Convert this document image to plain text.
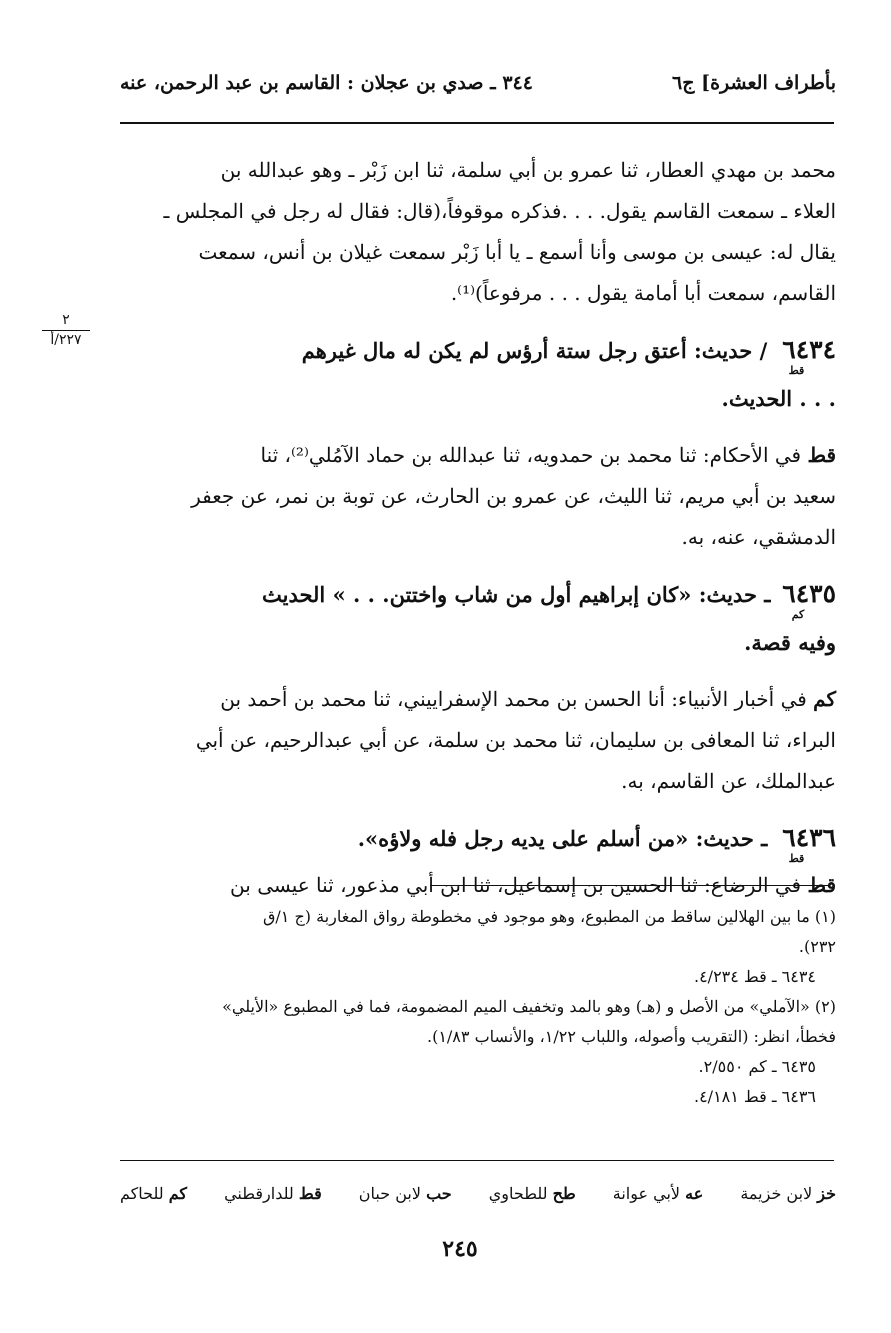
بأطراف العشرة] ج٦
٣٤٤ ـ صدي بن عجلان : القاسم بن عبد الرحمن، عنه
٢
٢٢٧/أ

محمد بن مهدي العطار، ثنا عمرو بن أبي سلمة، ثنا ابن زَبْر ـ وهو عبدالله بن

العلاء ـ سمعت القاسم يقول. . . .فذكره موقوفاً،(قال: فقال له رجل في المجلس ـ

يقال له: عيسى بن موسى وأنا أسمع ـ يا أبا زَبْر سمعت غيلان بن أنس، سمعت

القاسم، سمعت أبا أمامة يقول . . . مرفوعاً)⁽¹⁾.

$٦٤٣٤_{قط}$ / حديث: أعتق رجل ستة أرؤس لم يكن له مال غيرهم

. . . الحديث.

قط في الأحكام: ثنا محمد بن حمدويه، ثنا عبدالله بن حماد الآمُلي⁽²⁾، ثنا

سعيد بن أبي مريم، ثنا الليث، عن عمرو بن الحارث، عن توبة بن نمر، عن جعفر

الدمشقي، عنه، به.

$٦٤٣٥_{كم}$ ـ حديث: «كان إبراهيم أول من شاب واختتن. . . » الحديث

وفيه قصة.

كم في أخبار الأنبياء: أنا الحسن بن محمد الإسفراييني، ثنا محمد بن أحمد بن

البراء، ثنا المعافى بن سليمان، ثنا محمد بن سلمة، عن أبي عبدالرحيم، عن أبي

عبدالملك، عن القاسم، به.

$٦٤٣٦_{قط}$ ـ حديث: «من أسلم على يديه رجل فله ولاؤه».

قط في الرضاع: ثنا الحسين بن إسماعيل، ثنا ابن أبي مذعور، ثنا عيسى بن

(١) ما بين الهلالين ساقط من المطبوع، وهو موجود في مخطوطة رواق المغاربة (ج ١/ق

٢٣٢).

٦٤٣٤ ـ قط ٤/٢٣٤.

(٢) «الآملي» من الأصل و (هـ) وهو بالمد وتخفيف الميم المضمومة، فما في المطبوع «الأيلي»

فخطأ، انظر: (التقريب وأصوله، واللباب ١/٢٢، والأنساب ١/٨٣).

٦٤٣٥ ـ كم ٢/٥٥٠.

٦٤٣٦ ـ قط ٤/١٨١.

خز لابن خزيمة
عه لأبي عوانة
طح للطحاوي
حب لابن حبان
قط للدارقطني
كم للحاكم
٢٤٥
